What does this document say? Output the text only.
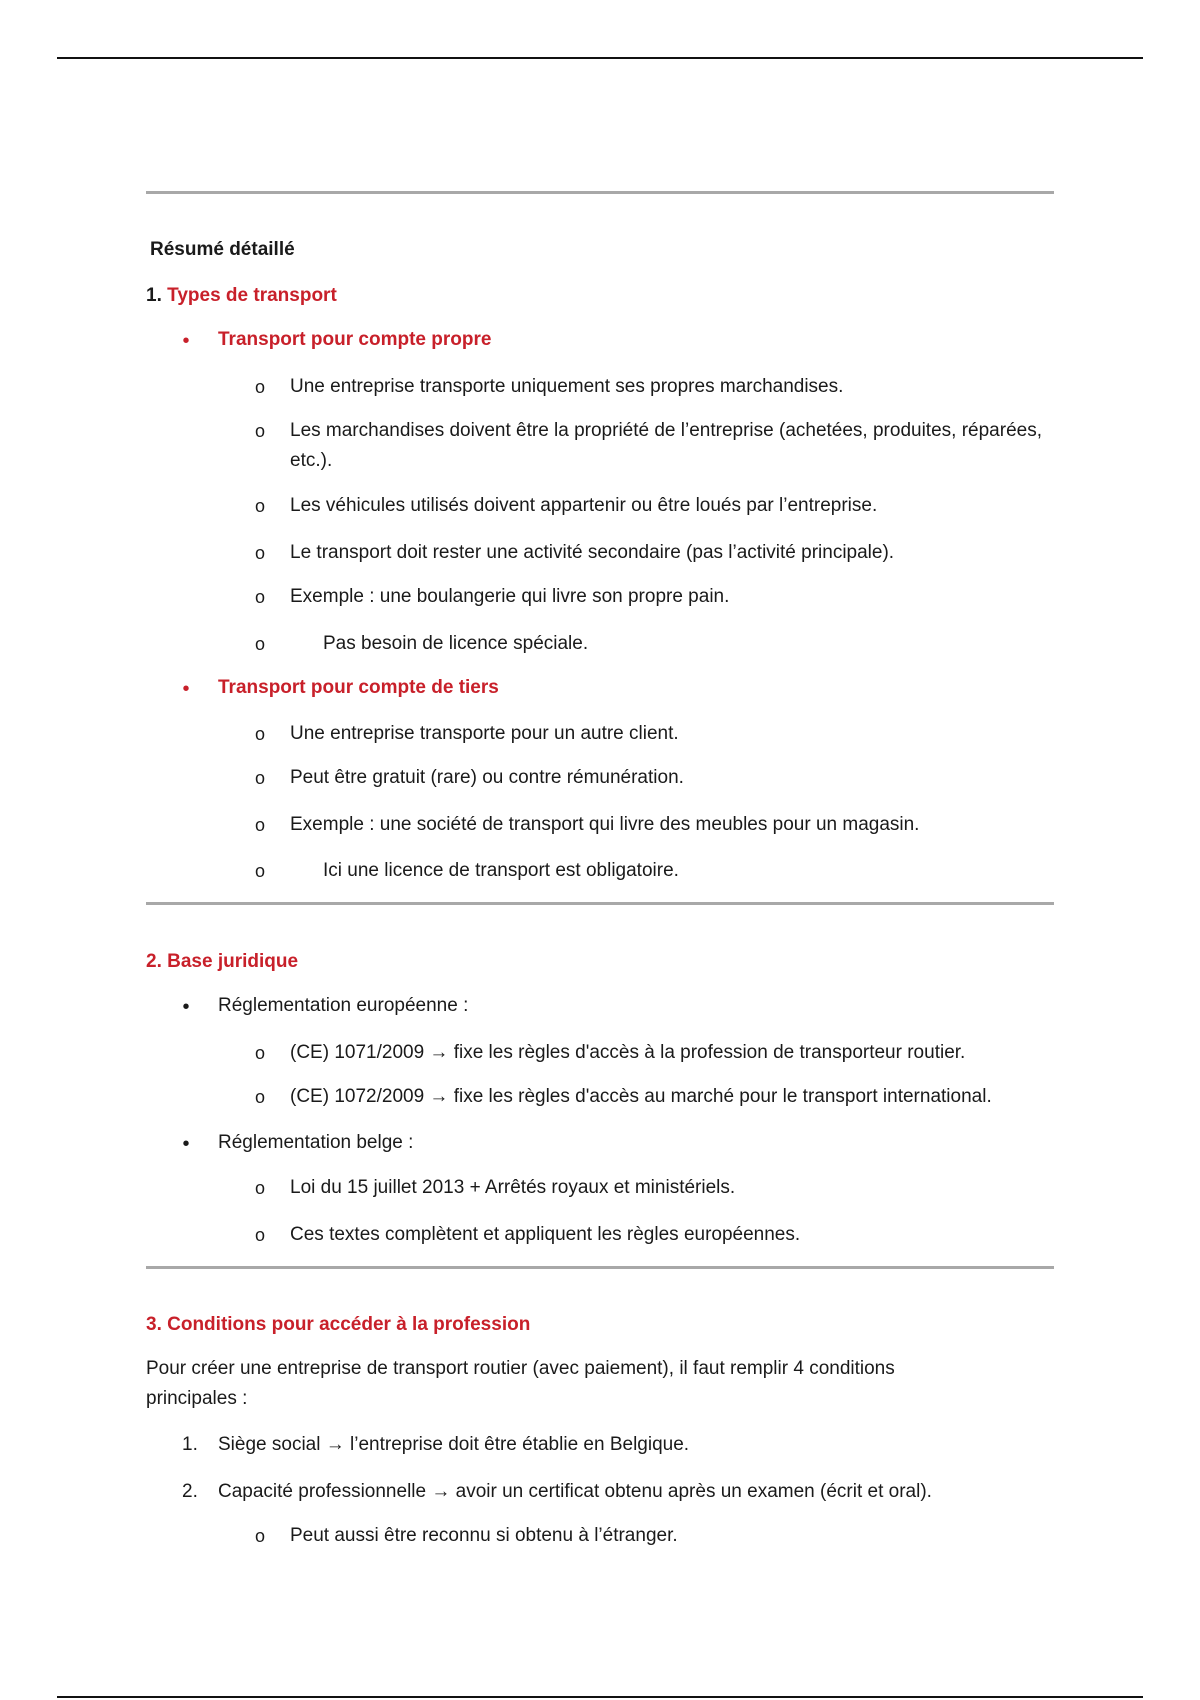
Résumé détaillé
1. Types de transport
• Transport pour compte propre
o Une entreprise transporte uniquement ses propres marchandises.
o Les marchandises doivent être la propriété de l’entreprise (achetées, produites, réparées, etc.).
o Les véhicules utilisés doivent appartenir ou être loués par l’entreprise.
o Le transport doit rester une activité secondaire (pas l’activité principale).
o Exemple : une boulangerie qui livre son propre pain.
o	Pas besoin de licence spéciale.
• Transport pour compte de tiers
o Une entreprise transporte pour un autre client.
o Peut être gratuit (rare) ou contre rémunération.
o Exemple : une société de transport qui livre des meubles pour un magasin.
o	Ici une licence de transport est obligatoire.
2. Base juridique
• Réglementation européenne :
o (CE) 1071/2009 → fixe les règles d'accès à la profession de transporteur routier.
o (CE) 1072/2009 → fixe les règles d'accès au marché pour le transport international.
• Réglementation belge :
o Loi du 15 juillet 2013 + Arrêtés royaux et ministériels.
o Ces textes complètent et appliquent les règles européennes.
3. Conditions pour accéder à la profession
Pour créer une entreprise de transport routier (avec paiement), il faut remplir 4 conditions principales :
1. Siège social → l’entreprise doit être établie en Belgique.
2. Capacité professionnelle → avoir un certificat obtenu après un examen (écrit et oral).
o Peut aussi être reconnu si obtenu à l’étranger.
